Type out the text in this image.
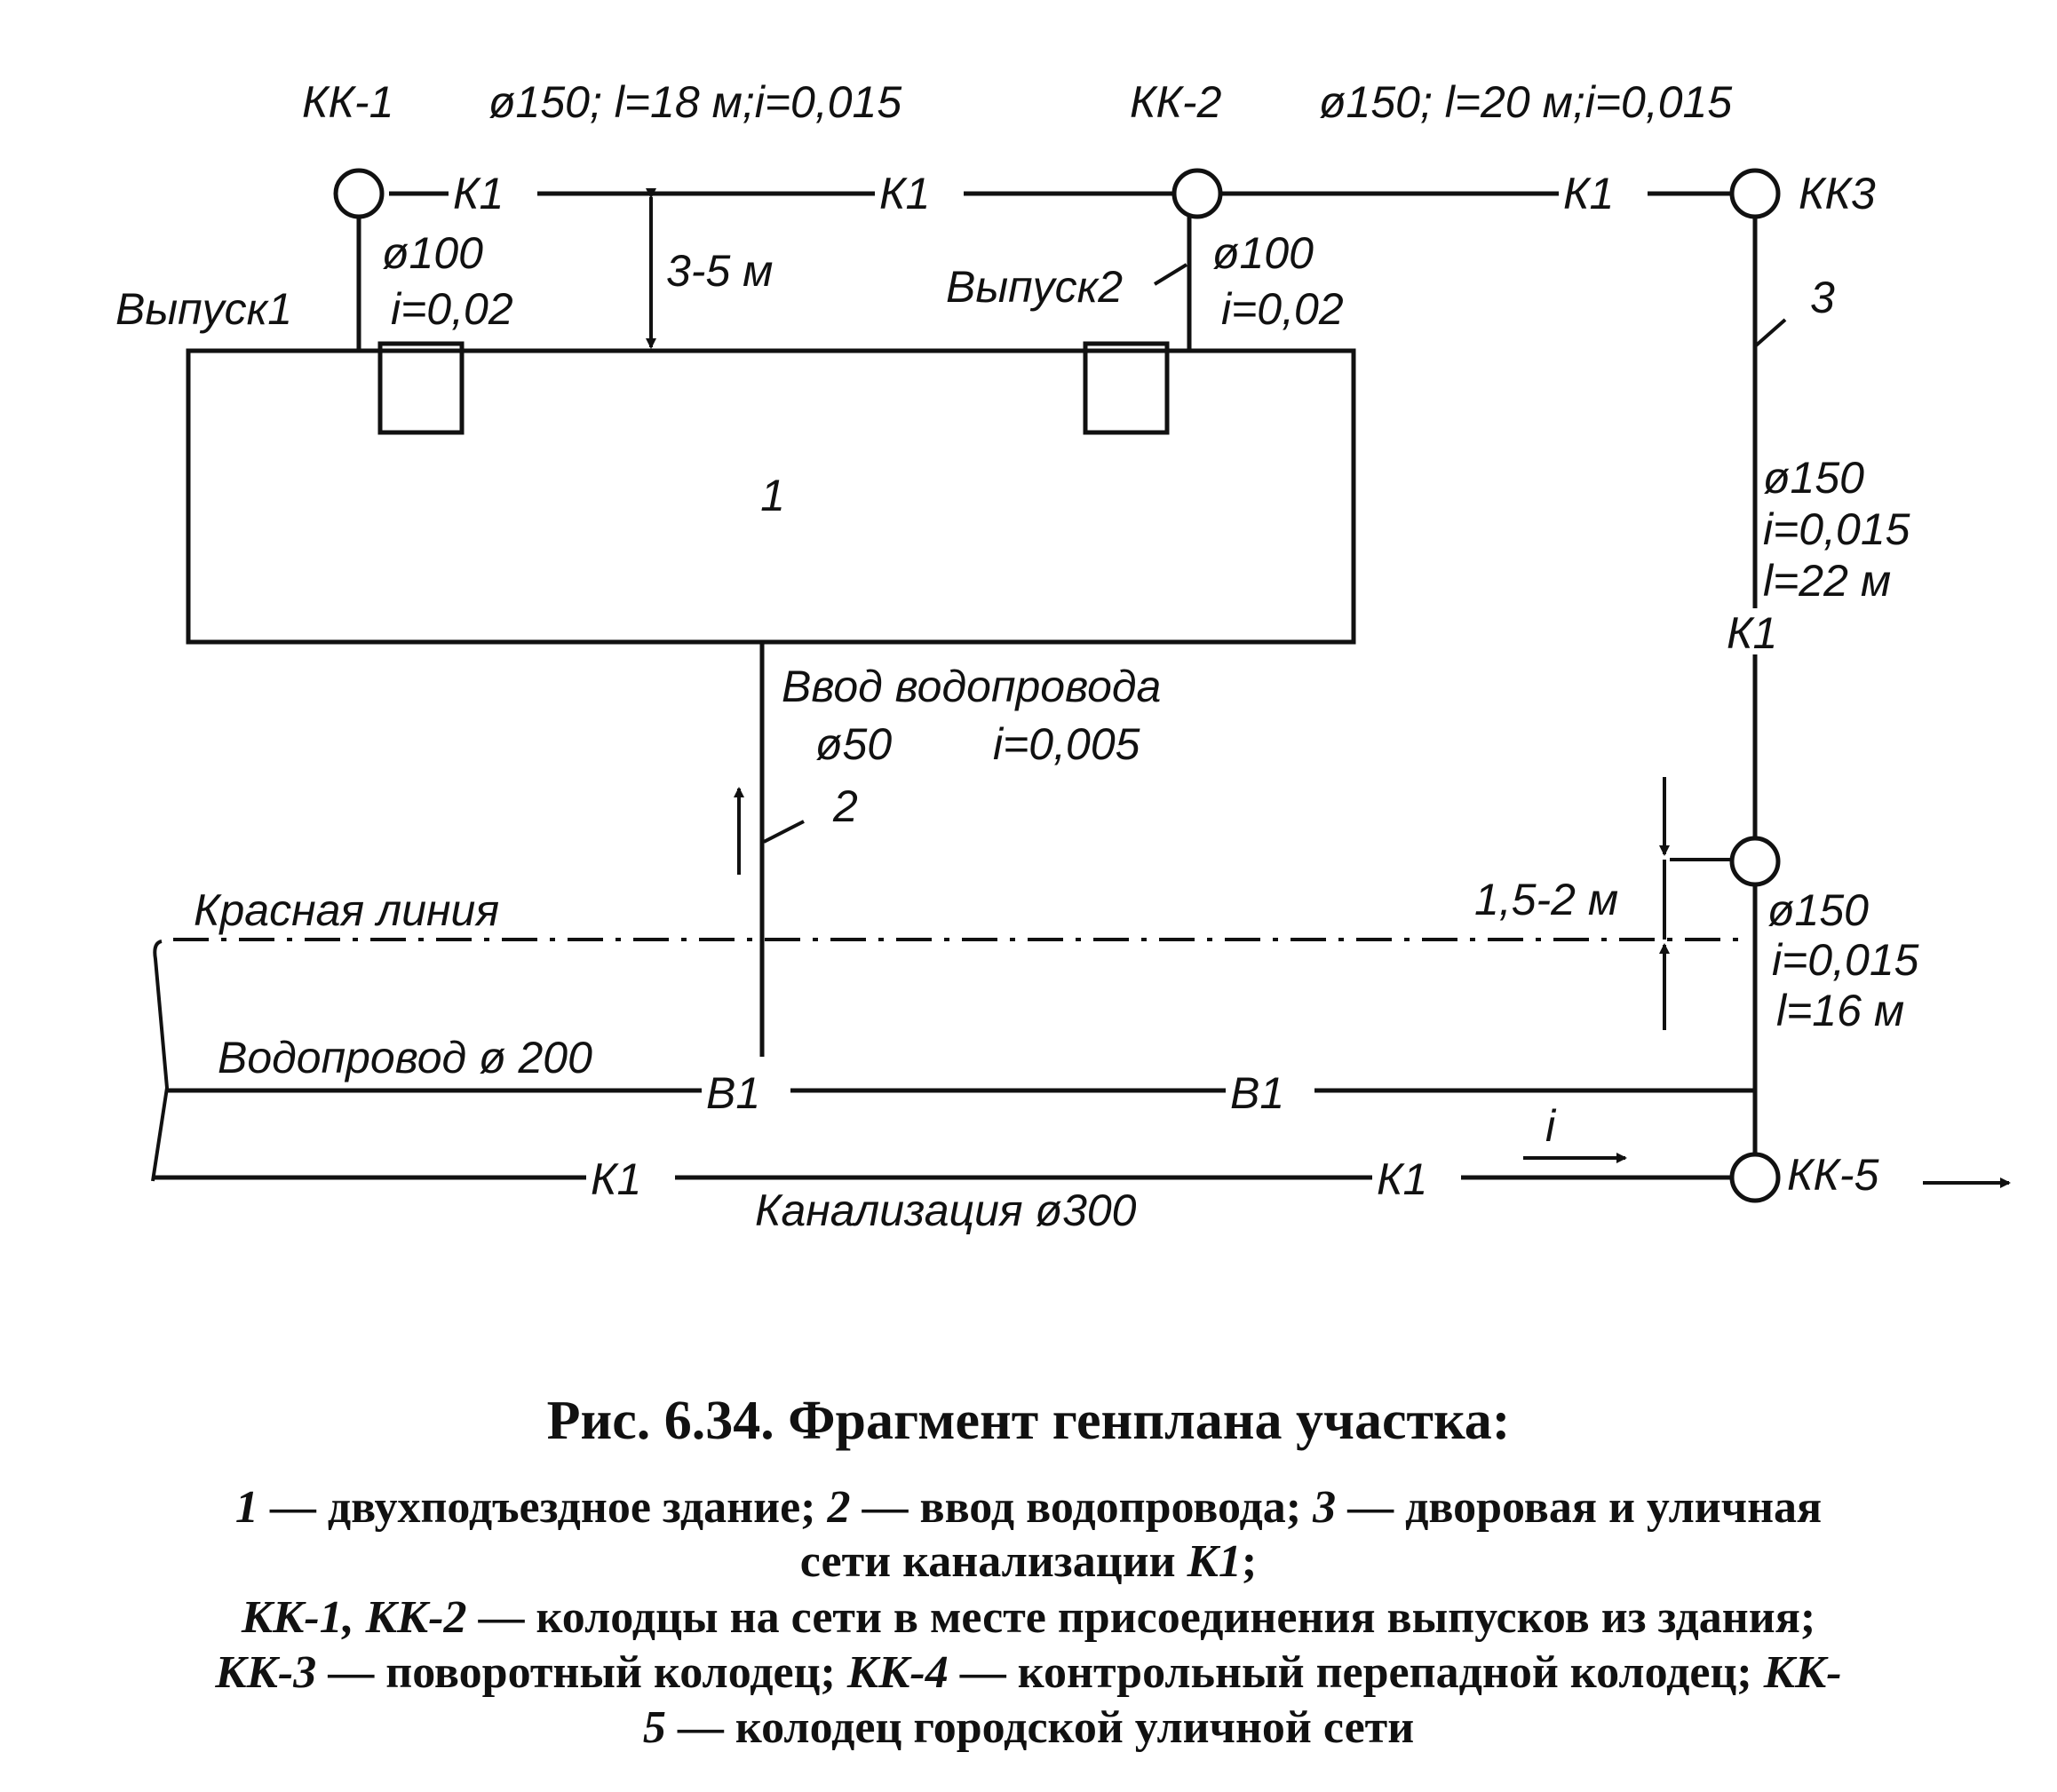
1
К1	К1	К1
КК-1 ø150; l=18 м;i=0,015	КК-2 ø150; l=20 м;i=0,015
КК3
Выпуск1
ø100
i=0,02	Выпуск2
ø100
i=0,02
3-5 м
3
ø150
i=0,015
l=22 м
К1
ø150
i=0,015
l=16 м
1,5-2 м
Ввод водопровода
ø50 i=0,005
2
Красная линия
В1	В1
Водопровод ø 200
К1	К1
Канализация ø300
i
КК-5
Рис. 6.34. Фрагмент генплана участка:
1 — двухподъездное здание; 2 — ввод водопровода; 3 — дворовая и уличная
сети канализации К1;
КК-1, КК-2 — колодцы на сети в месте присоединения выпусков из здания;
КК-3 — поворотный колодец; КК-4 — контрольный перепадной колодец; КК-
5 — колодец городской уличной сети
